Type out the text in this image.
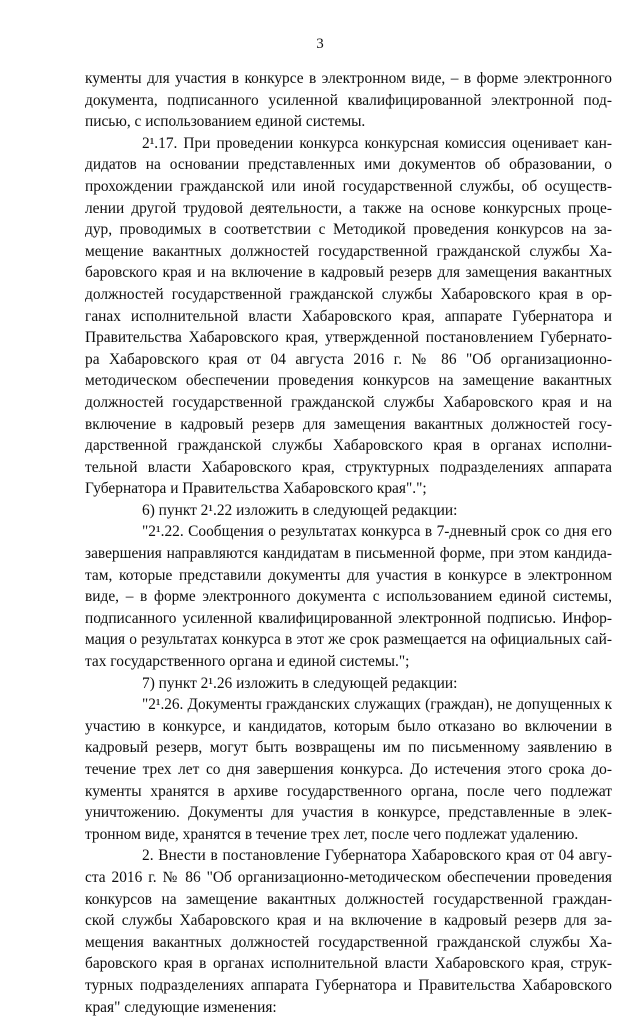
3
кументы для участия в конкурсе в электронном виде, – в форме электронного
документа, подписанного усиленной квалифицированной электронной под-
писью, с использованием единой системы.
2¹.17. При проведении конкурса конкурсная комиссия оценивает кан-
дидатов на основании представленных ими документов об образовании, о
прохождении гражданской или иной государственной службы, об осуществ-
лении другой трудовой деятельности, а также на основе конкурсных проце-
дур, проводимых в соответствии с Методикой проведения конкурсов на за-
мещение вакантных должностей государственной гражданской службы Ха-
баровского края и на включение в кадровый резерв для замещения вакантных
должностей государственной гражданской службы Хабаровского края в ор-
ганах исполнительной власти Хабаровского края, аппарате Губернатора и
Правительства Хабаровского края, утвержденной постановлением Губернато-
ра Хабаровского края от 04 августа 2016 г. № 86 "Об организационно-
методическом обеспечении проведения конкурсов на замещение вакантных
должностей государственной гражданской службы Хабаровского края и на
включение в кадровый резерв для замещения вакантных должностей госу-
дарственной гражданской службы Хабаровского края в органах исполни-
тельной власти Хабаровского края, структурных подразделениях аппарата
Губернатора и Правительства Хабаровского края".";
6) пункт 2¹.22 изложить в следующей редакции:
"2¹.22. Сообщения о результатах конкурса в 7-дневный срок со дня его
завершения направляются кандидатам в письменной форме, при этом кандида-
там, которые представили документы для участия в конкурсе в электронном
виде, – в форме электронного документа с использованием единой системы,
подписанного усиленной квалифицированной электронной подписью. Инфор-
мация о результатах конкурса в этот же срок размещается на официальных сай-
тах государственного органа и единой системы.";
7) пункт 2¹.26 изложить в следующей редакции:
"2¹.26. Документы гражданских служащих (граждан), не допущенных к
участию в конкурсе, и кандидатов, которым было отказано во включении в
кадровый резерв, могут быть возвращены им по письменному заявлению в
течение трех лет со дня завершения конкурса. До истечения этого срока до-
кументы хранятся в архиве государственного органа, после чего подлежат
уничтожению. Документы для участия в конкурсе, представленные в элек-
тронном виде, хранятся в течение трех лет, после чего подлежат удалению.
2. Внести в постановление Губернатора Хабаровского края от 04 авгу-
ста 2016 г. № 86 "Об организационно-методическом обеспечении проведения
конкурсов на замещение вакантных должностей государственной граждан-
ской службы Хабаровского края и на включение в кадровый резерв для за-
мещения вакантных должностей государственной гражданской службы Ха-
баровского края в органах исполнительной власти Хабаровского края, струк-
турных подразделениях аппарата Губернатора и Правительства Хабаровского
края" следующие изменения:
